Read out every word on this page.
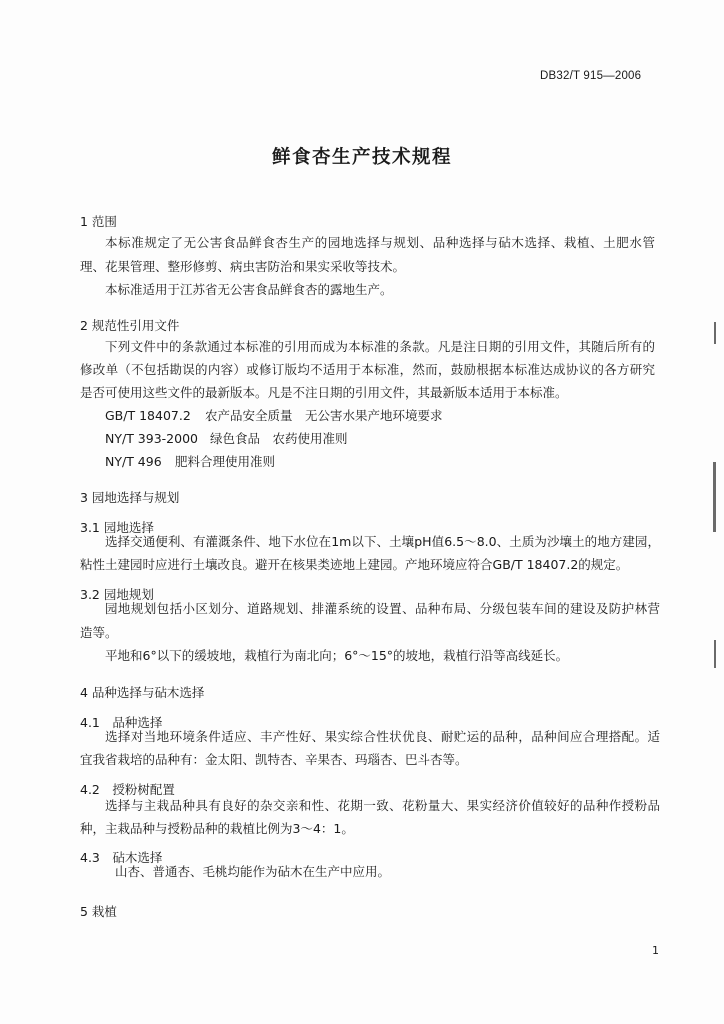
DB32/T 915—2006
鲜食杏生产技术规程
1 范围
本标准规定了无公害食品鲜食杏生产的园地选择与规划、品种选择与砧木选择、栽植、土肥水管
理、花果管理、整形修剪、病虫害防治和果实采收等技术。
本标准适用于江苏省无公害食品鲜食杏的露地生产。
2 规范性引用文件
下列文件中的条款通过本标准的引用而成为本标准的条款。凡是注日期的引用文件，其随后所有的
修改单（不包括勘误的内容）或修订版均不适用于本标准，然而，鼓励根据本标准达成协议的各方研究
是否可使用这些文件的最新版本。凡是不注日期的引用文件，其最新版本适用于本标准。
GB/T 18407.2 农产品安全质量　无公害水果产地环境要求
NY/T 393-2000 绿色食品　农药使用准则
NY/T 496 肥料合理使用准则
3 园地选择与规划
3.1 园地选择
选择交通便利、有灌溉条件、地下水位在1m以下、土壤pH值6.5～8.0、土质为沙壤土的地方建园，
粘性土建园时应进行土壤改良。避开在核果类迹地上建园。产地环境应符合GB/T 18407.2的规定。
3.2 园地规划
园地规划包括小区划分、道路规划、排灌系统的设置、品种布局、分级包装车间的建设及防护林营
造等。
平地和6°以下的缓坡地，栽植行为南北向；6°～15°的坡地，栽植行沿等高线延长。
4 品种选择与砧木选择
4.1　品种选择
选择对当地环境条件适应、丰产性好、果实综合性状优良、耐贮运的品种，品种间应合理搭配。适
宜我省栽培的品种有：金太阳、凯特杏、辛果杏、玛瑙杏、巴斗杏等。
4.2　授粉树配置
选择与主栽品种具有良好的杂交亲和性、花期一致、花粉量大、果实经济价值较好的品种作授粉品
种，主栽品种与授粉品种的栽植比例为3～4：1。
4.3　砧木选择
山杏、普通杏、毛桃均能作为砧木在生产中应用。
5 栽植
1
